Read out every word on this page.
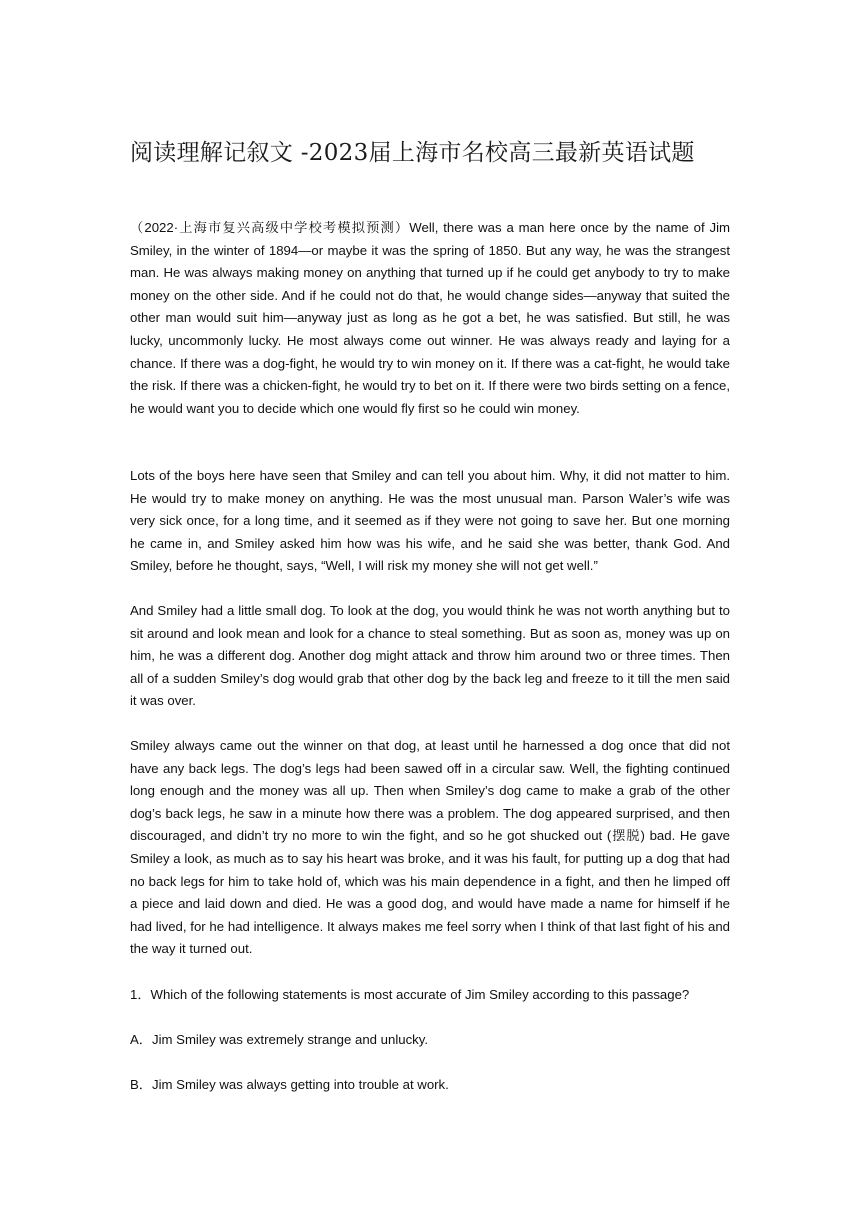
阅读理解记叙文 -2023届上海市名校高三最新英语试题

（2022·上海市复兴高级中学校考模拟预测）Well, there was a man here once by the name of Jim Smiley, in the winter of 1894—or maybe it was the spring of 1850. But any way, he was the strangest man. He was always making money on anything that turned up if he could get anybody to try to make money on the other side. And if he could not do that, he would change sides—anyway that suited the other man would suit him—anyway just as long as he got a bet, he was satisfied. But still, he was lucky, uncommonly lucky. He most always come out winner. He was always ready and laying for a chance. If there was a dog-fight, he would try to win money on it. If there was a cat-fight, he would take the risk. If there was a chicken-fight, he would try to bet on it. If there were two birds setting on a fence, he would want you to decide which one would fly first so he could win money.

Lots of the boys here have seen that Smiley and can tell you about him. Why, it did not matter to him. He would try to make money on anything. He was the most unusual man. Parson Waler’s wife was very sick once, for a long time, and it seemed as if they were not going to save her. But one morning he came in, and Smiley asked him how was his wife, and he said she was better, thank God. And Smiley, before he thought, says, “Well, I will risk my money she will not get well.”

And Smiley had a little small dog. To look at the dog, you would think he was not worth anything but to sit around and look mean and look for a chance to steal something. But as soon as, money was up on him, he was a different dog. Another dog might attack and throw him around two or three times. Then all of a sudden Smiley’s dog would grab that other dog by the back leg and freeze to it till the men said it was over.

Smiley always came out the winner on that dog, at least until he harnessed a dog once that did not have any back legs. The dog’s legs had been sawed off in a circular saw. Well, the fighting continued long enough and the money was all up. Then when Smiley’s dog came to make a grab of the other dog’s back legs, he saw in a minute how there was a problem. The dog appeared surprised, and then discouraged, and didn’t try no more to win the fight, and so he got shucked out (摆脱) bad. He gave Smiley a look, as much as to say his heart was broke, and it was his fault, for putting up a dog that had no back legs for him to take hold of, which was his main dependence in a fight, and then he limped off a piece and laid down and died. He was a good dog, and would have made a name for himself if he had lived, for he had intelligence. It always makes me feel sorry when I think of that last fight of his and the way it turned out.

1．Which of the following statements is most accurate of Jim Smiley according to this passage?

A．Jim Smiley was extremely strange and unlucky.

B．Jim Smiley was always getting into trouble at work.
